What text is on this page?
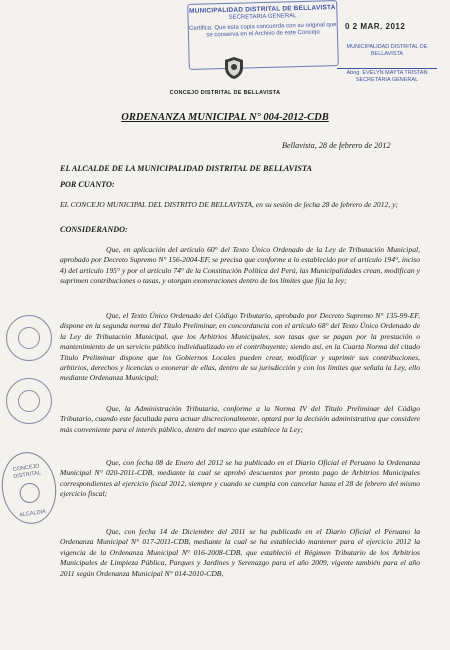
MUNICIPALIDAD DISTRITAL DE BELLAVISTA
SECRETARIA GENERAL
Certifica: Que esta copia concuerda con su original que se conserva en el Archivo de este Concejo
0 2 MAR. 2012
MUNICIPALIDAD DISTRITAL DE BELLAVISTA
Abog. EVELYN MAYTA TRISTAN
SECRETARIA GENERAL
CONCEJO DISTRITAL DE BELLAVISTA
ORDENANZA MUNICIPAL N° 004-2012-CDB
Bellavista, 28 de febrero de 2012
EL ALCALDE DE LA MUNICIPALIDAD DISTRITAL DE BELLAVISTA
POR CUANTO:
EL CONCEJO MUNICIPAL DEL DISTRITO DE BELLAVISTA, en su sesión de fecha 28 de febrero de 2012, y;
CONSIDERANDO:
Que, en aplicación del artículo 60° del Texto Único Ordenado de la Ley de Tributación Municipal, aprobado por Decreto Supremo N° 156-2004-EF, se precisa que conforme a lo establecido por el artículo 194°, inciso 4) del artículo 195° y por el artículo 74° de la Constitución Política del Perú, las Municipalidades crean, modifican y suprimen contribuciones o tasas, y otorgan exoneraciones dentro de los límites que fija la ley;
Que, el Texto Único Ordenado del Código Tributario, aprobado por Decreto Supremo N° 135-99-EF, dispone en la segunda norma del Título Preliminar, en concordancia con el artículo 68° del Texto Único Ordenado de la Ley de Tributación Municipal, que los Arbitrios Municipales, son tasas que se pagan por la prestación o mantenimiento de un servicio público individualizado en el contribuyente; siendo así, en la Cuarta Norma del citado Título Preliminar dispone que los Gobiernos Locales pueden crear, modificar y suprimir sus contribuciones, arbitrios, derechos y licencias o exonerar de ellas, dentro de su jurisdicción y con los límites que señala la Ley, ello mediante Ordenanza Municipal;
Que, la Administración Tributaria, conforme a la Norma IV del Título Preliminar del Código Tributario, cuando este facultada para actuar discrecionalmente, optará por la decisión administrativa que considere más conveniente para el interés público, dentro del marco que establece la Ley;
Que, con fecha 08 de Enero del 2012 se ha publicado en el Diario Oficial el Peruano la Ordenanza Municipal N° 020-2011-CDB, mediante la cual se aprobó descuentos por pronto pago de Arbitrios Municipales correspondientes al ejercicio fiscal 2012, siempre y cuando se cumpla con cancelar hasta el 28 de febrero del mismo ejercicio fiscal;
Que, con fecha 14 de Diciembre del 2011 se ha publicado en el Diario Oficial el Peruano la Ordenanza Municipal N° 017-2011-CDB, mediante la cual se ha establecido mantener para el ejercicio 2012 la vigencia de la Ordenanza Municipal N° 016-2008-CDB, que estableció el Régimen Tributario de los Arbitrios Municipales de Limpieza Pública, Parques y Jardines y Serenazgo para el año 2009, vigente también para el año 2011 según Ordenanza Municipal N° 014-2010-CDB,
CONCEJO DISTRITAL
ALCALDIA
